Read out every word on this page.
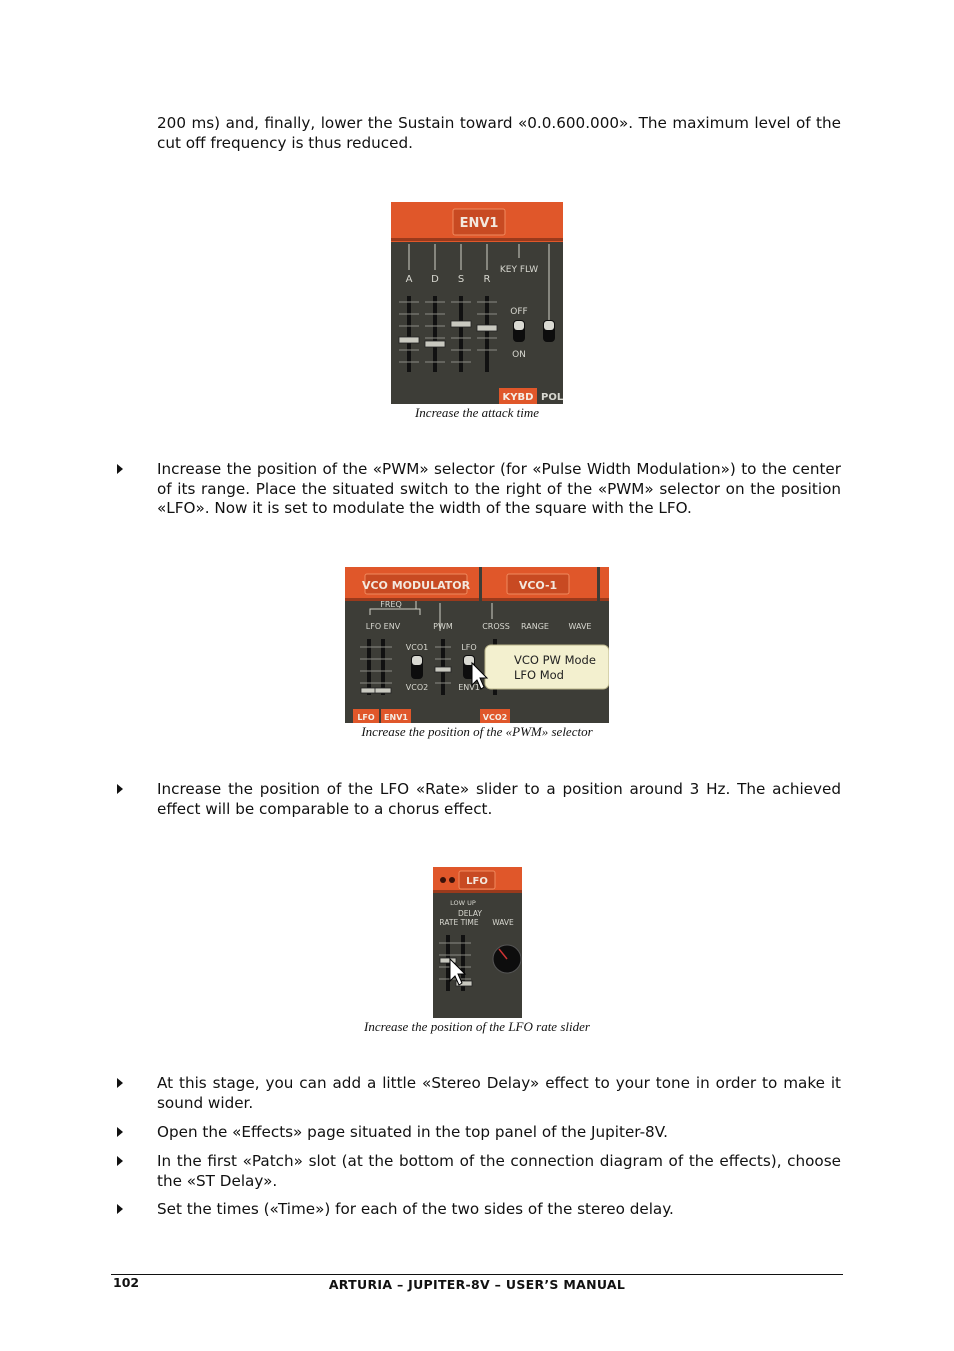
200 ms) and, finally, lower the Sustain toward «0.0.600.000». The maximum level of the cut off frequency is thus reduced.

ENV1
A D S R
KEY FLW
OFF
ON
KYBD POL
Increase the attack time

Increase the position of the «PWM» selector (for «Pulse Width Modulation») to the center of its range. Place the situated switch to the right of the «PWM» selector on the position «LFO». Now it is set to modulate the width of the square with the LFO.

VCO MODULATOR	VCO-1
FREQ
LFO ENV
VCO1
VCO2
PWM
LFO
ENV1
CROSS RANGE WAVE
VCO PW Mode
LFO Mod
LFO ENV1	VCO2
Increase the position of the «PWM» selector

Increase the position of the LFO «Rate» slider to a position around 3 Hz. The achieved effect will be comparable to a chorus effect.

LFO
LOW UP
DELAY
RATE TIME WAVE
Increase the position of the LFO rate slider

At this stage, you can add a little «Stereo Delay» effect to your tone in order to make it sound wider.

Open the «Effects» page situated in the top panel of the Jupiter-8V.

In the first «Patch» slot (at the bottom of the connection diagram of the effects), choose the «ST Delay».

Set the times («Time») for each of the two sides of the stereo delay.

102	ARTURIA – JUPITER-8V – USER’S MANUAL
